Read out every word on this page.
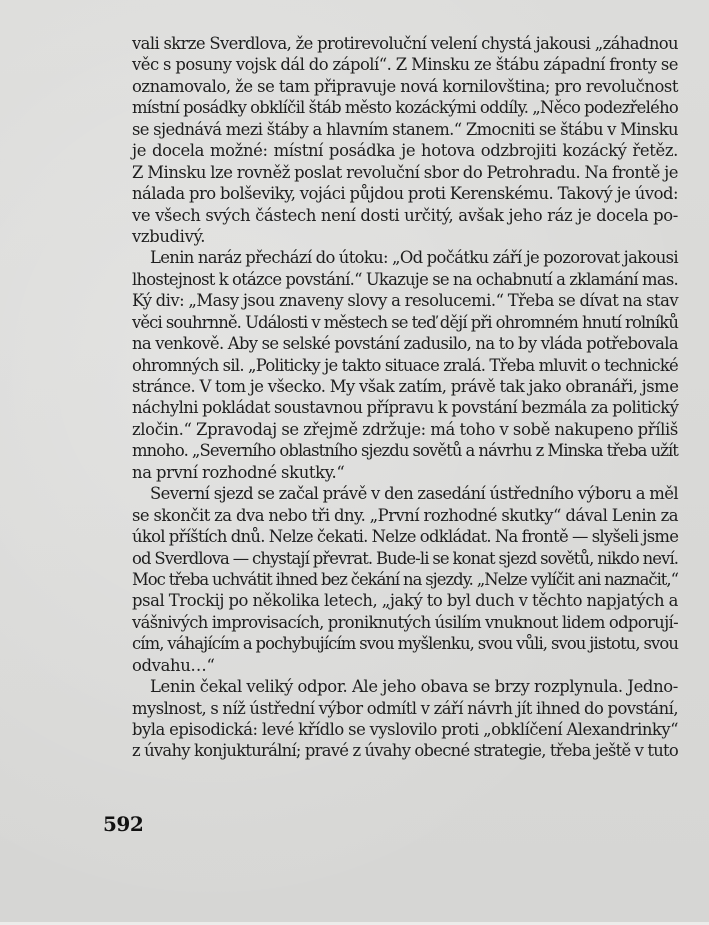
vali skrze Sverdlova, že protirevoluční velení chystá jakousi „záhadnou
věc s posuny vojsk dál do zápolí“. Z Minsku ze štábu západní fronty se
oznamovalo, že se tam připravuje nová kornilovština; pro revolučnost
místní posádky obklíčil štáb město kozáckými oddíly. „Něco podezřelého
se sjednává mezi štáby a hlavním stanem.“ Zmocniti se štábu v Minsku
je docela možné: místní posádka je hotova odzbrojiti kozácký řetěz.
Z Minsku lze rovněž poslat revoluční sbor do Petrohradu. Na frontě je
nálada pro bolševiky, vojáci půjdou proti Kerenskému. Takový je úvod:
ve všech svých částech není dosti určitý, avšak jeho ráz je docela po-
vzbudivý.
Lenin naráz přechází do útoku: „Od počátku září je pozorovat jakousi
lhostejnost k otázce povstání.“ Ukazuje se na ochabnutí a zklamání mas.
Ký div: „Masy jsou znaveny slovy a resolucemi.“ Třeba se dívat na stav
věci souhrnně. Události v městech se teď dějí při ohromném hnutí rolníků
na venkově. Aby se selské povstání zadusilo, na to by vláda potřebovala
ohromných sil. „Politicky je takto situace zralá. Třeba mluvit o technické
stránce. V tom je všecko. My však zatím, právě tak jako obranáři, jsme
náchylni pokládat soustavnou přípravu k povstání bezmála za politický
zločin.“ Zpravodaj se zřejmě zdržuje: má toho v sobě nakupeno příliš
mnoho. „Severního oblastního sjezdu sovětů a návrhu z Minska třeba užít
na první rozhodné skutky.“
Severní sjezd se začal právě v den zasedání ústředního výboru a měl
se skončit za dva nebo tři dny. „První rozhodné skutky“ dával Lenin za
úkol příštích dnů. Nelze čekati. Nelze odkládat. Na frontě — slyšeli jsme
od Sverdlova — chystají převrat. Bude-li se konat sjezd sovětů, nikdo neví.
Moc třeba uchvátit ihned bez čekání na sjezdy. „Nelze vylíčit ani naznačit,“
psal Trockij po několika letech, „jaký to byl duch v těchto napjatých a
vášnivých improvisacích, proniknutých úsilím vnuknout lidem odporují-
cím, váhajícím a pochybujícím svou myšlenku, svou vůli, svou jistotu, svou
odvahu…“
Lenin čekal veliký odpor. Ale jeho obava se brzy rozplynula. Jedno-
myslnost, s níž ústřední výbor odmítl v září návrh jít ihned do povstání,
byla episodická: levé křídlo se vyslovilo proti „obklíčení Alexandrinky“
z úvahy konjukturální; pravé z úvahy obecné strategie, třeba ještě v tuto
592
